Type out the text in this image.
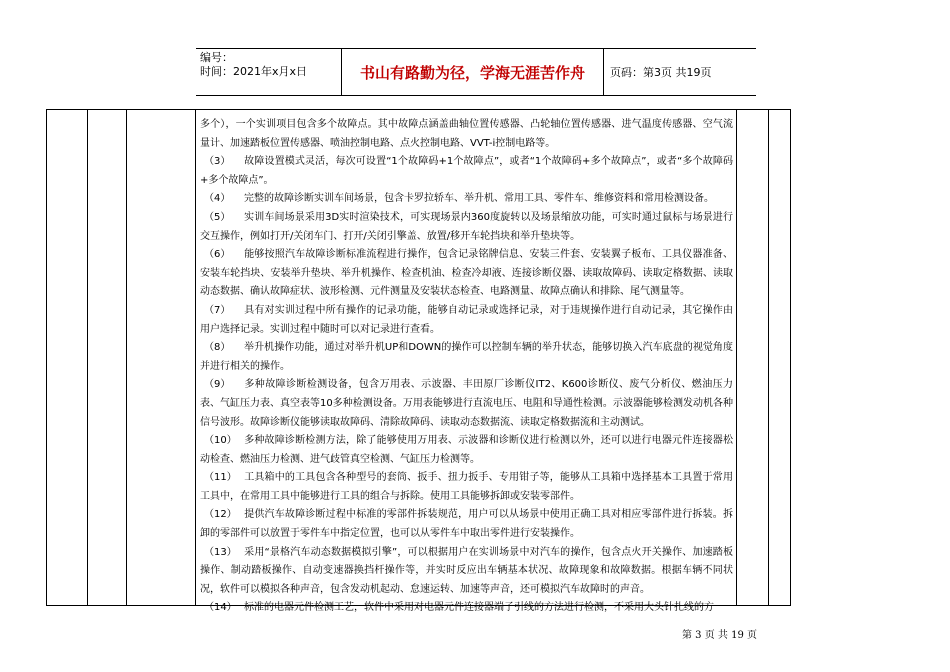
编号：
时间：2021年x月x日	书山有路勤为径，学海无涯苦作舟	页码：第3页 共19页

多个），一个实训项目包含多个故障点。其中故障点涵盖曲轴位置传感器、凸轮轴位置传感器、进气温度传感器、空气流量计、加速踏板位置传感器、喷油控制电路、点火控制电路、VVT-i控制电路等。

（3） 故障设置模式灵活，每次可设置“1个故障码+1个故障点”，或者“1个故障码+多个故障点”，或者“多个故障码+多个故障点”。

（4） 完整的故障诊断实训车间场景，包含卡罗拉轿车、举升机、常用工具、零件车、维修资料和常用检测设备。

（5） 实训车间场景采用3D实时渲染技术，可实现场景内360度旋转以及场景缩放功能，可实时通过鼠标与场景进行交互操作，例如打开/关闭车门、打开/关闭引擎盖、放置/移开车轮挡块和举升垫块等。

（6） 能够按照汽车故障诊断标准流程进行操作，包含记录铭牌信息、安装三件套、安装翼子板布、工具仪器准备、安装车轮挡块、安装举升垫块、举升机操作、检查机油、检查冷却液、连接诊断仪器、读取故障码、读取定格数据、读取动态数据、确认故障症状、波形检测、元件测量及安装状态检查、电路测量、故障点确认和排除、尾气测量等。

（7） 具有对实训过程中所有操作的记录功能，能够自动记录或选择记录，对于违规操作进行自动记录，其它操作由用户选择记录。实训过程中随时可以对记录进行查看。

（8） 举升机操作功能，通过对举升机UP和DOWN的操作可以控制车辆的举升状态，能够切换入汽车底盘的视觉角度并进行相关的操作。

（9） 多种故障诊断检测设备，包含万用表、示波器、丰田原厂诊断仪IT2、K600诊断仪、废气分析仪、燃油压力表、气缸压力表、真空表等10多种检测设备。万用表能够进行直流电压、电阻和导通性检测。示波器能够检测发动机各种信号波形。故障诊断仪能够读取故障码、清除故障码、读取动态数据流、读取定格数据流和主动测试。

（10） 多种故障诊断检测方法，除了能够使用万用表、示波器和诊断仪进行检测以外，还可以进行电器元件连接器松动检查、燃油压力检测、进气歧管真空检测、气缸压力检测等。

（11） 工具箱中的工具包含各种型号的套筒、扳手、扭力扳手、专用钳子等，能够从工具箱中选择基本工具置于常用工具中，在常用工具中能够进行工具的组合与拆除。使用工具能够拆卸或安装零部件。

（12） 提供汽车故障诊断过程中标准的零部件拆装规范，用户可以从场景中使用正确工具对相应零部件进行拆装。拆卸的零部件可以放置于零件车中指定位置，也可以从零件车中取出零件进行安装操作。

（13） 采用“景格汽车动态数据模拟引擎”，可以根据用户在实训场景中对汽车的操作，包含点火开关操作、加速踏板操作、制动踏板操作、自动变速器换挡杆操作等，并实时反应出车辆基本状况、故障现象和故障数据。根据车辆不同状况，软件可以模拟各种声音，包含发动机起动、怠速运转、加速等声音，还可模拟汽车故障时的声音。

（14） 标准的电器元件检测工艺，软件中采用对电器元件连接器端子引线的方法进行检测，不采用大头针扎线的方

第 3 页 共 19 页
